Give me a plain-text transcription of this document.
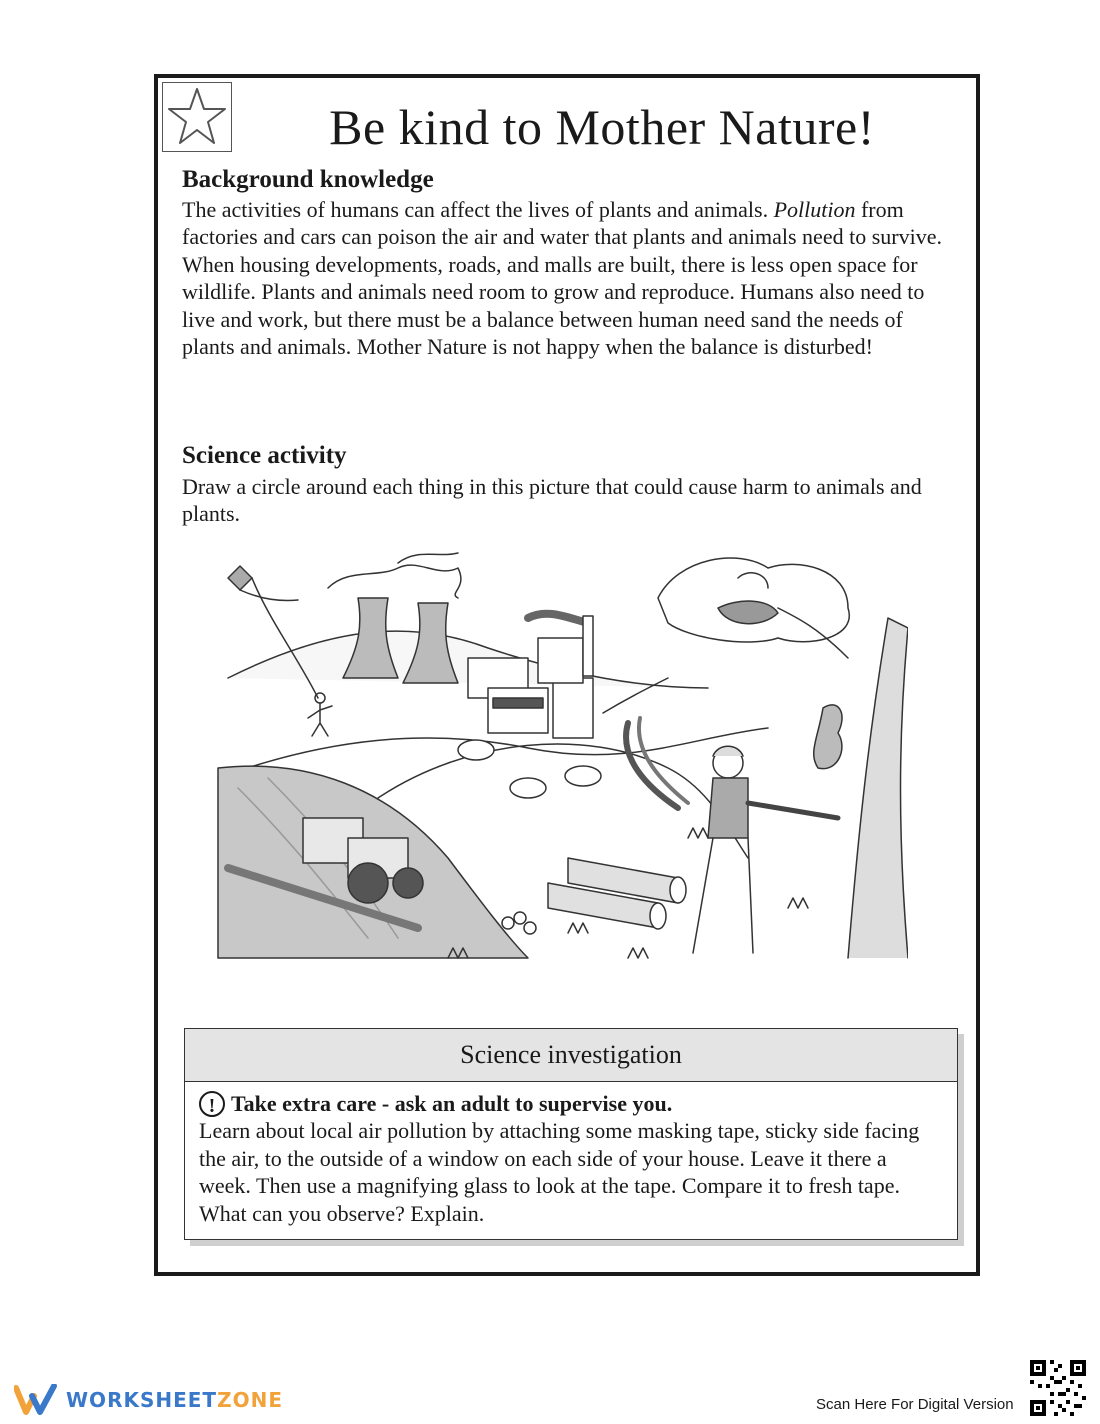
Be kind to Mother Nature!
Background knowledge

The activities of humans can affect the lives of plants and animals. Pollution from factories and cars can poison the air and water that plants and animals need to survive. When housing developments, roads, and malls are built, there is less open space for wildlife. Plants and animals need room to grow and reproduce. Humans also need to live and work, but there must be a balance between human need sand the needs of plants and animals. Mother Nature is not happy when the balance is disturbed!

Science activity

Draw a circle around each thing in this picture that could cause harm to animals and plants.

Science investigation
! Take extra care - ask an adult to supervise you.
Learn about local air pollution by attaching some masking tape, sticky side facing the air, to the outside of a window on each side of your house. Leave it there a week. Then use a magnifying glass to look at the tape. Compare it to fresh tape. What can you observe? Explain.
WORKSHEETZONE	Scan Here For Digital Version
